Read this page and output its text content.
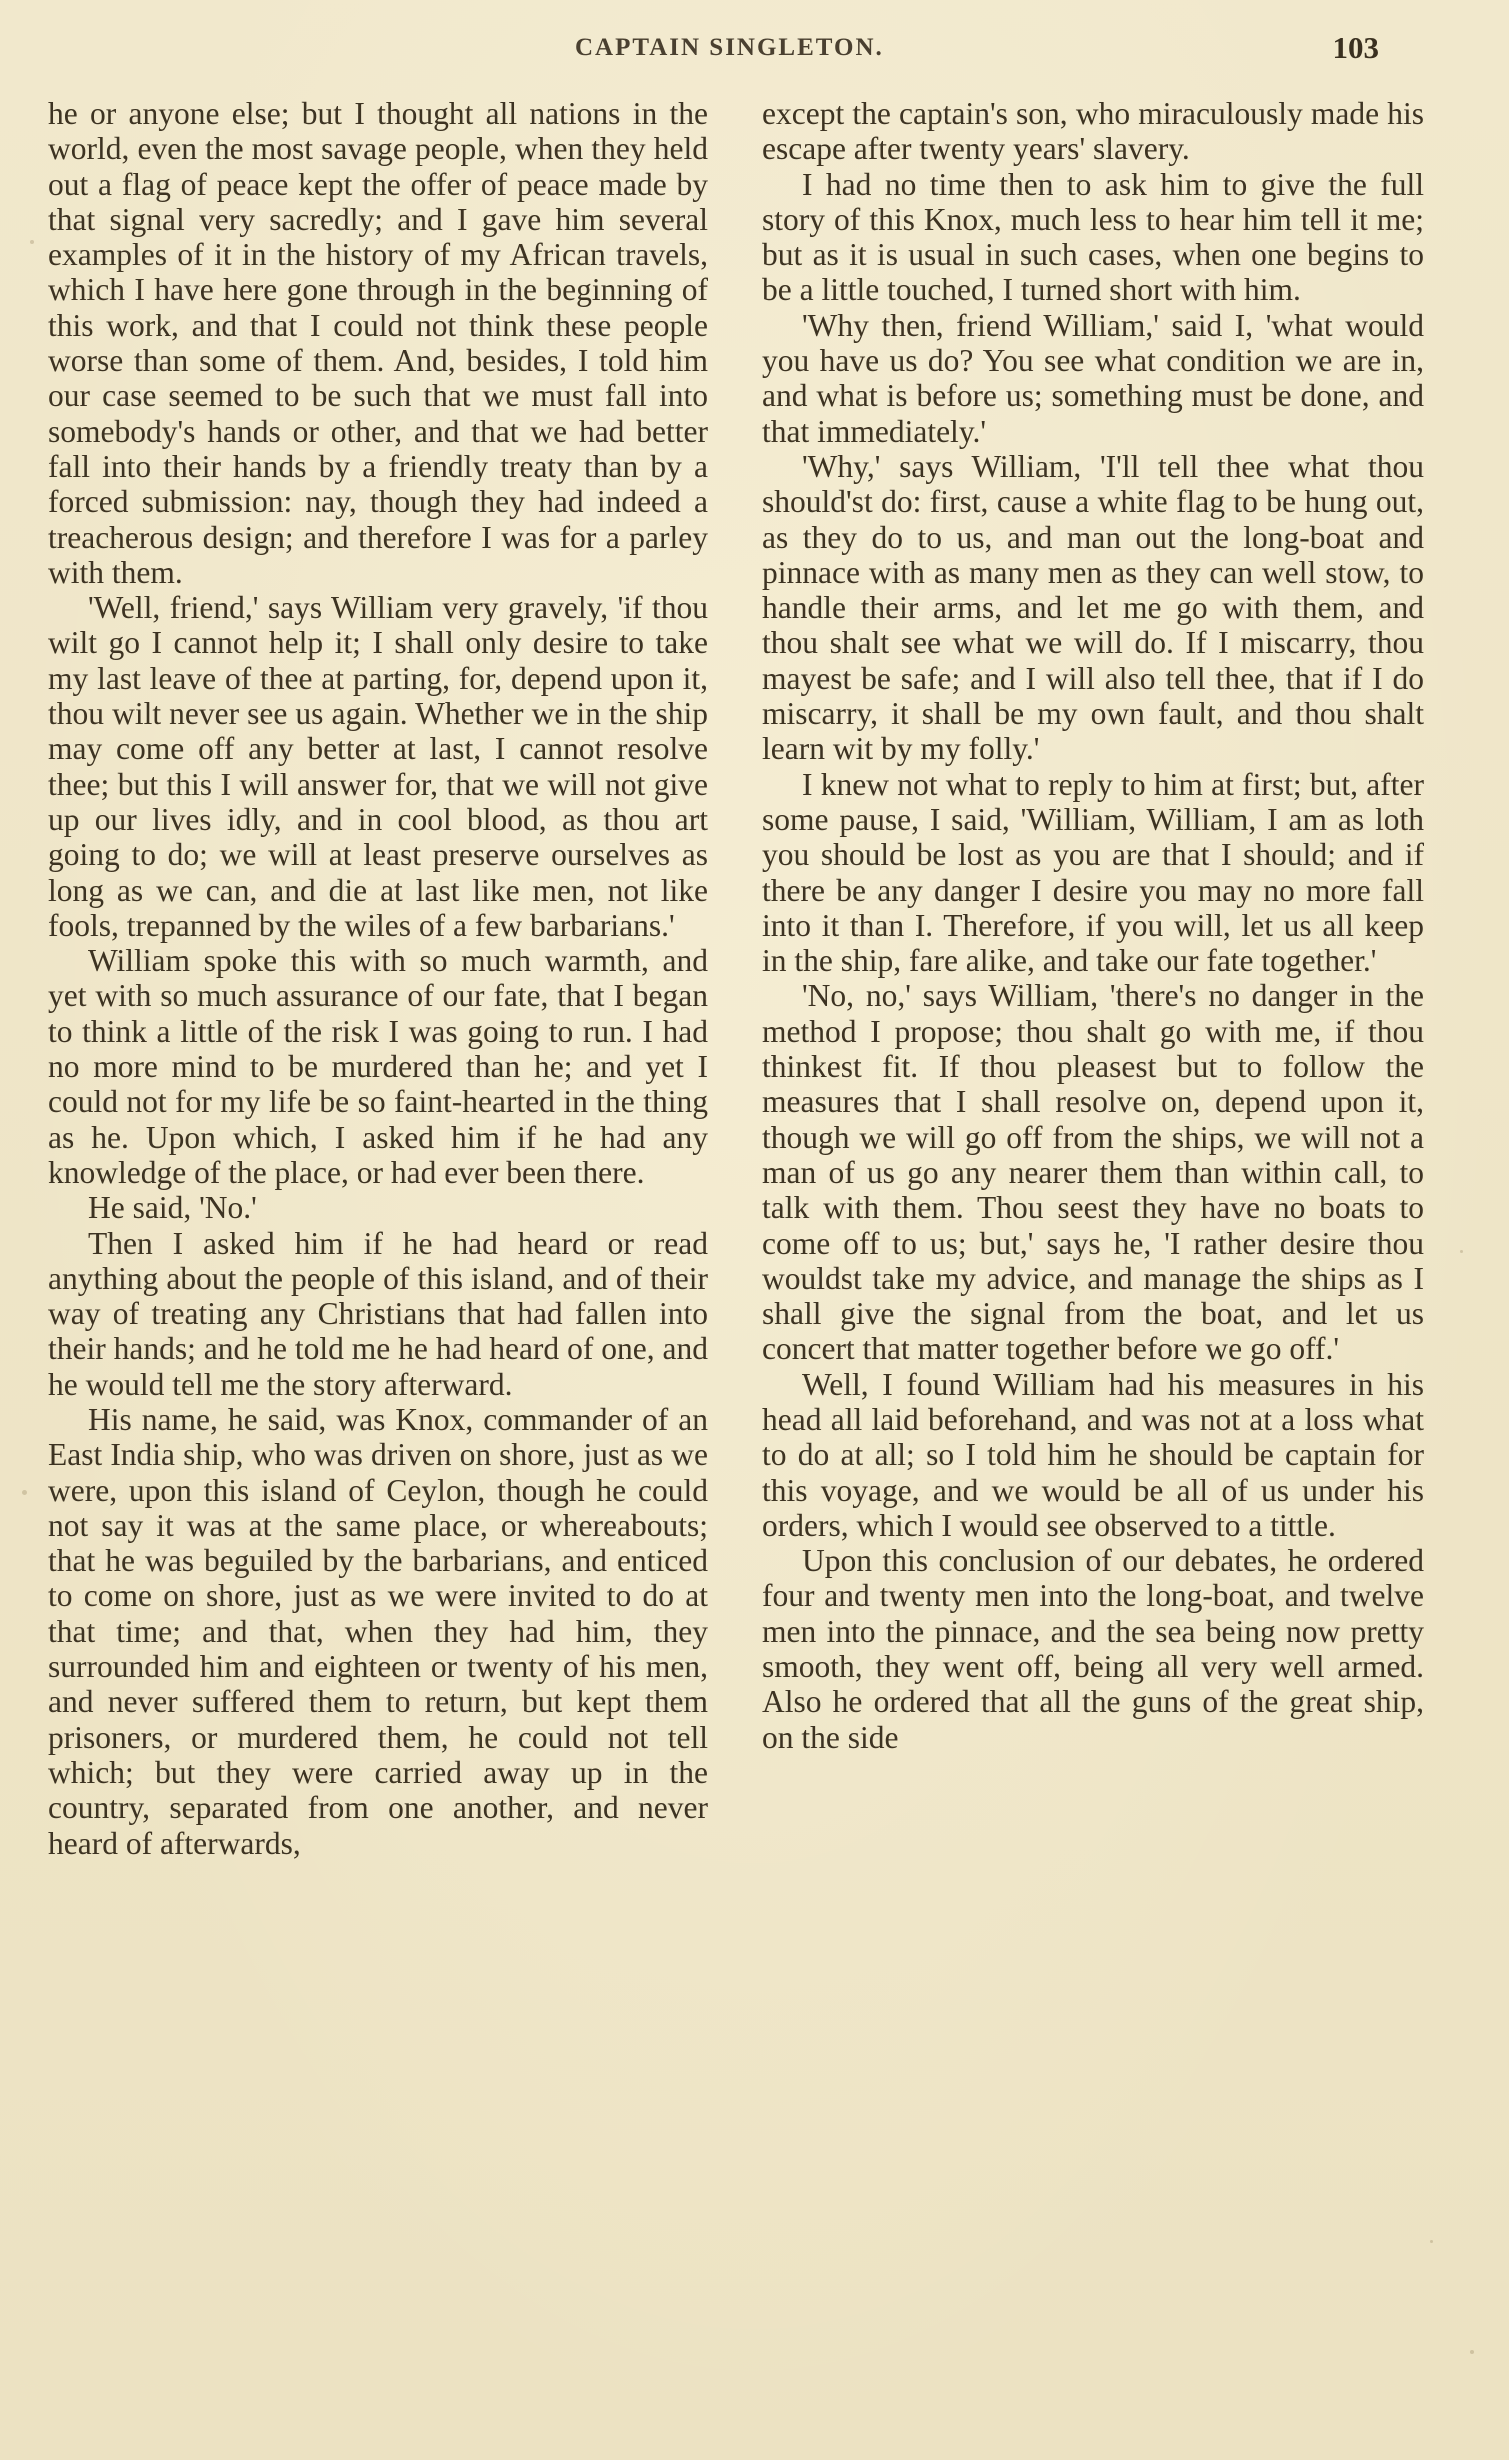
CAPTAIN SINGLETON.	103

he or anyone else; but I thought all nations in the world, even the most savage people, when they held out a flag of peace kept the offer of peace made by that signal very sacredly; and I gave him several examples of it in the history of my African travels, which I have here gone through in the beginning of this work, and that I could not think these people worse than some of them. And, besides, I told him our case seemed to be such that we must fall into somebody's hands or other, and that we had better fall into their hands by a friendly treaty than by a forced submission: nay, though they had indeed a treacherous design; and therefore I was for a parley with them.

'Well, friend,' says William very gravely, 'if thou wilt go I cannot help it; I shall only desire to take my last leave of thee at parting, for, depend upon it, thou wilt never see us again. Whether we in the ship may come off any better at last, I cannot resolve thee; but this I will answer for, that we will not give up our lives idly, and in cool blood, as thou art going to do; we will at least preserve ourselves as long as we can, and die at last like men, not like fools, trepanned by the wiles of a few barbarians.'

William spoke this with so much warmth, and yet with so much assurance of our fate, that I began to think a little of the risk I was going to run. I had no more mind to be murdered than he; and yet I could not for my life be so faint-hearted in the thing as he. Upon which, I asked him if he had any knowledge of the place, or had ever been there.

He said, 'No.'

Then I asked him if he had heard or read anything about the people of this island, and of their way of treating any Christians that had fallen into their hands; and he told me he had heard of one, and he would tell me the story afterward.

His name, he said, was Knox, commander of an East India ship, who was driven on shore, just as we were, upon this island of Ceylon, though he could not say it was at the same place, or whereabouts; that he was beguiled by the barbarians, and enticed to come on shore, just as we were invited to do at that time; and that, when they had him, they surrounded him and eighteen or twenty of his men, and never suffered them to return, but kept them prisoners, or murdered them, he could not tell which; but they were carried away up in the country, separated from one another, and never heard of afterwards,

except the captain's son, who miraculously made his escape after twenty years' slavery.

I had no time then to ask him to give the full story of this Knox, much less to hear him tell it me; but as it is usual in such cases, when one begins to be a little touched, I turned short with him.

'Why then, friend William,' said I, 'what would you have us do? You see what condition we are in, and what is before us; something must be done, and that immediately.'

'Why,' says William, 'I'll tell thee what thou should'st do: first, cause a white flag to be hung out, as they do to us, and man out the long-boat and pinnace with as many men as they can well stow, to handle their arms, and let me go with them, and thou shalt see what we will do. If I miscarry, thou mayest be safe; and I will also tell thee, that if I do miscarry, it shall be my own fault, and thou shalt learn wit by my folly.'

I knew not what to reply to him at first; but, after some pause, I said, 'William, William, I am as loth you should be lost as you are that I should; and if there be any danger I desire you may no more fall into it than I. Therefore, if you will, let us all keep in the ship, fare alike, and take our fate together.'

'No, no,' says William, 'there's no danger in the method I propose; thou shalt go with me, if thou thinkest fit. If thou pleasest but to follow the measures that I shall resolve on, depend upon it, though we will go off from the ships, we will not a man of us go any nearer them than within call, to talk with them. Thou seest they have no boats to come off to us; but,' says he, 'I rather desire thou wouldst take my advice, and manage the ships as I shall give the signal from the boat, and let us concert that matter together before we go off.'

Well, I found William had his measures in his head all laid beforehand, and was not at a loss what to do at all; so I told him he should be captain for this voyage, and we would be all of us under his orders, which I would see observed to a tittle.

Upon this conclusion of our debates, he ordered four and twenty men into the long-boat, and twelve men into the pinnace, and the sea being now pretty smooth, they went off, being all very well armed. Also he ordered that all the guns of the great ship, on the side
